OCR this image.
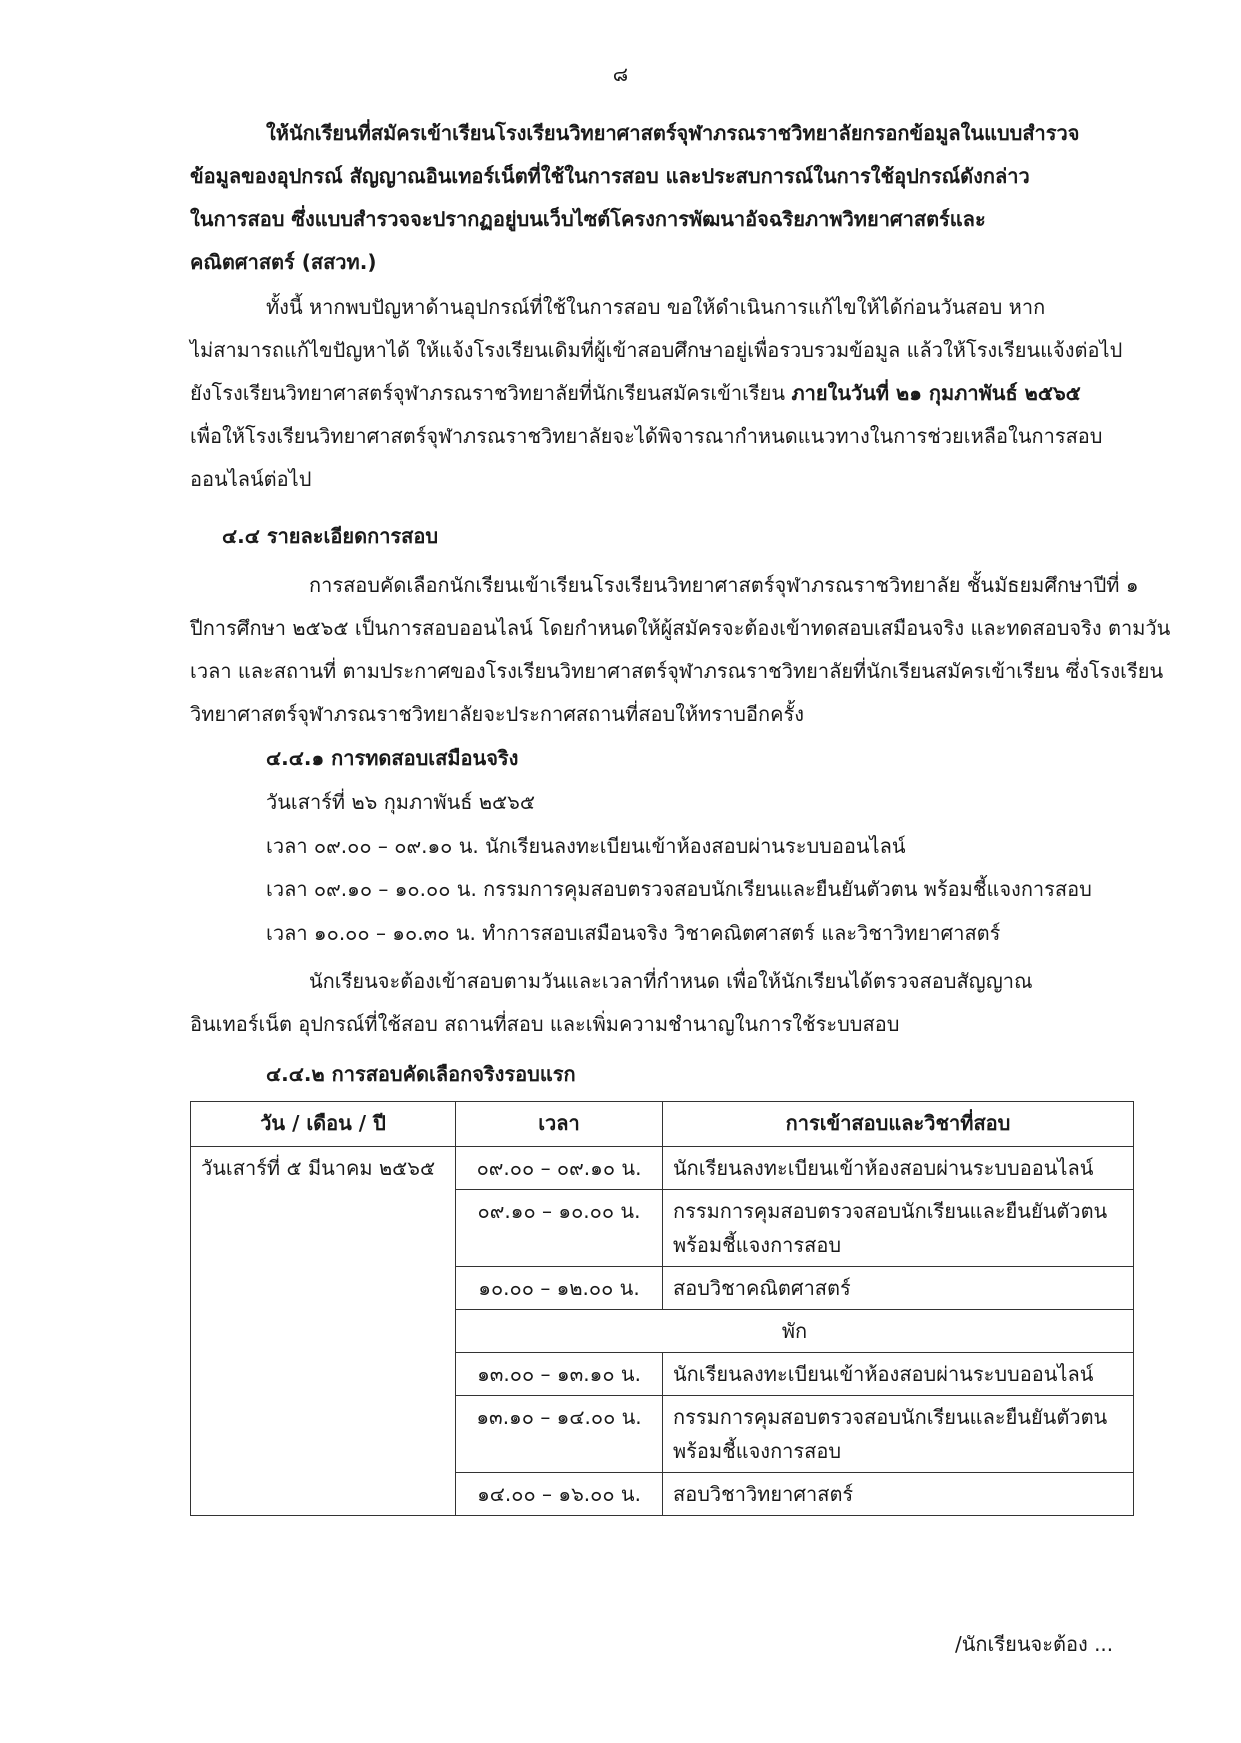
๘
ให้นักเรียนที่สมัครเข้าเรียนโรงเรียนวิทยาศาสตร์จุฬาภรณราชวิทยาลัยกรอกข้อมูลในแบบสำรวจ
ข้อมูลของอุปกรณ์ สัญญาณอินเทอร์เน็ตที่ใช้ในการสอบ และประสบการณ์ในการใช้อุปกรณ์ดังกล่าว
ในการสอบ ซึ่งแบบสำรวจจะปรากฏอยู่บนเว็บไซต์โครงการพัฒนาอัจฉริยภาพวิทยาศาสตร์และ
คณิตศาสตร์ (สสวท.)
ทั้งนี้ หากพบปัญหาด้านอุปกรณ์ที่ใช้ในการสอบ ขอให้ดำเนินการแก้ไขให้ได้ก่อนวันสอบ หาก
ไม่สามารถแก้ไขปัญหาได้ ให้แจ้งโรงเรียนเดิมที่ผู้เข้าสอบศึกษาอยู่เพื่อรวบรวมข้อมูล แล้วให้โรงเรียนแจ้งต่อไป
ยังโรงเรียนวิทยาศาสตร์จุฬาภรณราชวิทยาลัยที่นักเรียนสมัครเข้าเรียน ภายในวันที่ ๒๑ กุมภาพันธ์ ๒๕๖๕
เพื่อให้โรงเรียนวิทยาศาสตร์จุฬาภรณราชวิทยาลัยจะได้พิจารณากำหนดแนวทางในการช่วยเหลือในการสอบ
ออนไลน์ต่อไป
๔.๔ รายละเอียดการสอบ
การสอบคัดเลือกนักเรียนเข้าเรียนโรงเรียนวิทยาศาสตร์จุฬาภรณราชวิทยาลัย ชั้นมัธยมศึกษาปีที่ ๑
ปีการศึกษา ๒๕๖๕ เป็นการสอบออนไลน์ โดยกำหนดให้ผู้สมัครจะต้องเข้าทดสอบเสมือนจริง และทดสอบจริง ตามวัน
เวลา และสถานที่ ตามประกาศของโรงเรียนวิทยาศาสตร์จุฬาภรณราชวิทยาลัยที่นักเรียนสมัครเข้าเรียน ซึ่งโรงเรียน
วิทยาศาสตร์จุฬาภรณราชวิทยาลัยจะประกาศสถานที่สอบให้ทราบอีกครั้ง
๔.๔.๑ การทดสอบเสมือนจริง
วันเสาร์ที่ ๒๖ กุมภาพันธ์ ๒๕๖๕
เวลา ๐๙.๐๐ – ๐๙.๑๐ น. นักเรียนลงทะเบียนเข้าห้องสอบผ่านระบบออนไลน์
เวลา ๐๙.๑๐ – ๑๐.๐๐ น. กรรมการคุมสอบตรวจสอบนักเรียนและยืนยันตัวตน พร้อมชี้แจงการสอบ
เวลา ๑๐.๐๐ – ๑๐.๓๐ น. ทำการสอบเสมือนจริง วิชาคณิตศาสตร์ และวิชาวิทยาศาสตร์
นักเรียนจะต้องเข้าสอบตามวันและเวลาที่กำหนด เพื่อให้นักเรียนได้ตรวจสอบสัญญาณ
อินเทอร์เน็ต อุปกรณ์ที่ใช้สอบ สถานที่สอบ และเพิ่มความชำนาญในการใช้ระบบสอบ
๔.๔.๒ การสอบคัดเลือกจริงรอบแรก
วัน / เดือน / ปี	เวลา	การเข้าสอบและวิชาที่สอบ
วันเสาร์ที่ ๕ มีนาคม ๒๕๖๕	๐๙.๐๐ – ๐๙.๑๐ น.	นักเรียนลงทะเบียนเข้าห้องสอบผ่านระบบออนไลน์
	๐๙.๑๐ – ๑๐.๐๐ น.	กรรมการคุมสอบตรวจสอบนักเรียนและยืนยันตัวตน
พร้อมชี้แจงการสอบ

	๑๐.๐๐ – ๑๒.๐๐ น.	สอบวิชาคณิตศาสตร์
	พัก	
	๑๓.๐๐ – ๑๓.๑๐ น.	นักเรียนลงทะเบียนเข้าห้องสอบผ่านระบบออนไลน์
	๑๓.๑๐ – ๑๔.๐๐ น.	กรรมการคุมสอบตรวจสอบนักเรียนและยืนยันตัวตน
พร้อมชี้แจงการสอบ

	๑๔.๐๐ – ๑๖.๐๐ น.	สอบวิชาวิทยาศาสตร์
/นักเรียนจะต้อง ...
